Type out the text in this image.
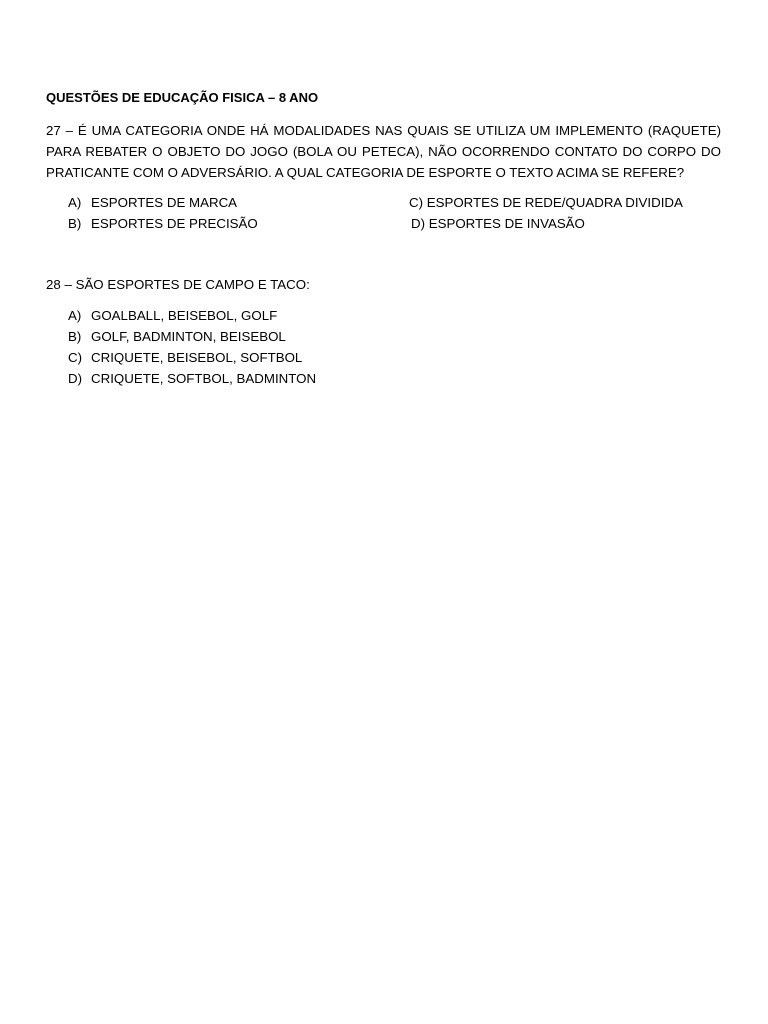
QUESTÕES DE EDUCAÇÃO FISICA – 8 ANO
27 – É UMA CATEGORIA ONDE HÁ MODALIDADES NAS QUAIS SE UTILIZA UM IMPLEMENTO (RAQUETE) PARA REBATER O OBJETO DO JOGO (BOLA OU PETECA), NÃO OCORRENDO CONTATO DO CORPO DO PRATICANTE COM O ADVERSÁRIO. A QUAL CATEGORIA DE ESPORTE O TEXTO ACIMA SE REFERE?
A) ESPORTES DE MARCA
B) ESPORTES DE PRECISÃO
C) ESPORTES DE REDE/QUADRA DIVIDIDA
D) ESPORTES DE INVASÃO
28 – SÃO ESPORTES DE CAMPO E TACO:
A) GOALBALL, BEISEBOL, GOLF
B) GOLF, BADMINTON, BEISEBOL
C) CRIQUETE, BEISEBOL, SOFTBOL
D) CRIQUETE, SOFTBOL, BADMINTON
